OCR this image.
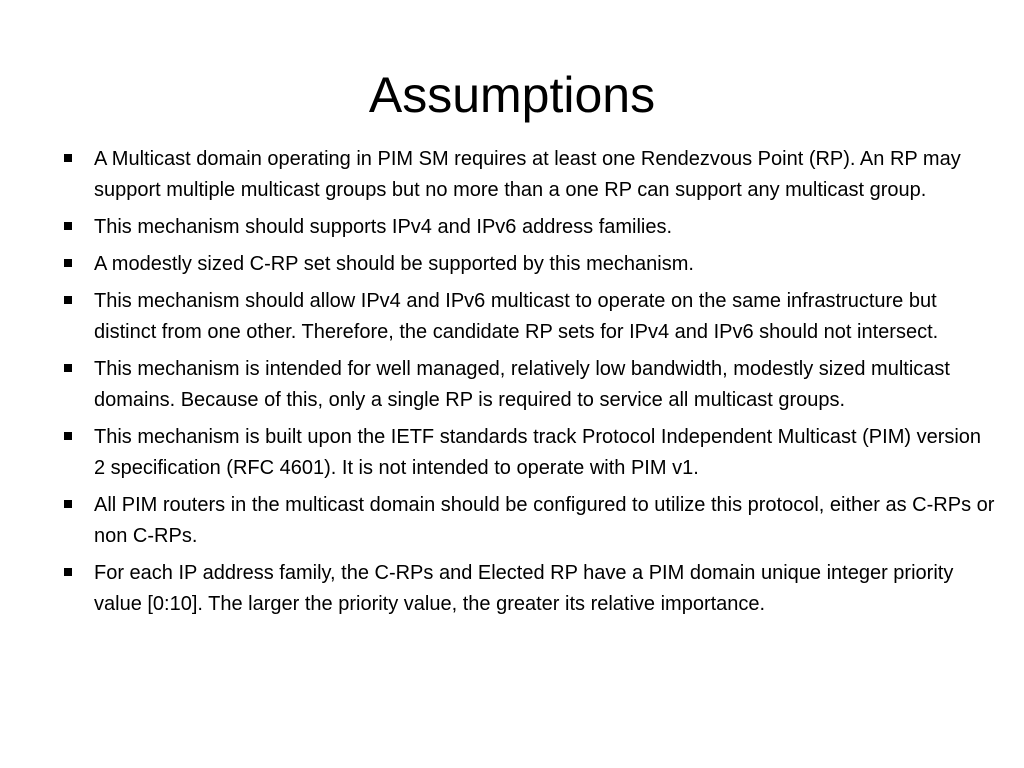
Assumptions
A Multicast domain operating in PIM SM requires at least one Rendezvous Point (RP). An RP may support multiple multicast groups but no more than a one RP can support any multicast group.
This mechanism should supports IPv4 and IPv6 address families.
A modestly sized C-RP set should be supported by this mechanism.
This mechanism should allow IPv4 and IPv6 multicast to operate on the same infrastructure but distinct from one other. Therefore, the candidate RP sets for IPv4 and IPv6 should not intersect.
This mechanism is intended for well managed, relatively low bandwidth, modestly sized multicast domains. Because of this, only a single RP is required to service all multicast groups.
This mechanism is built upon the IETF standards track Protocol Independent Multicast (PIM) version 2 specification (RFC 4601). It is not intended to operate with PIM v1.
All PIM routers in the multicast domain should be configured to utilize this protocol, either as C-RPs or non C-RPs.
For each IP address family, the C-RPs and Elected RP have a PIM domain unique integer priority value [0:10]. The larger the priority value, the greater its relative importance.
